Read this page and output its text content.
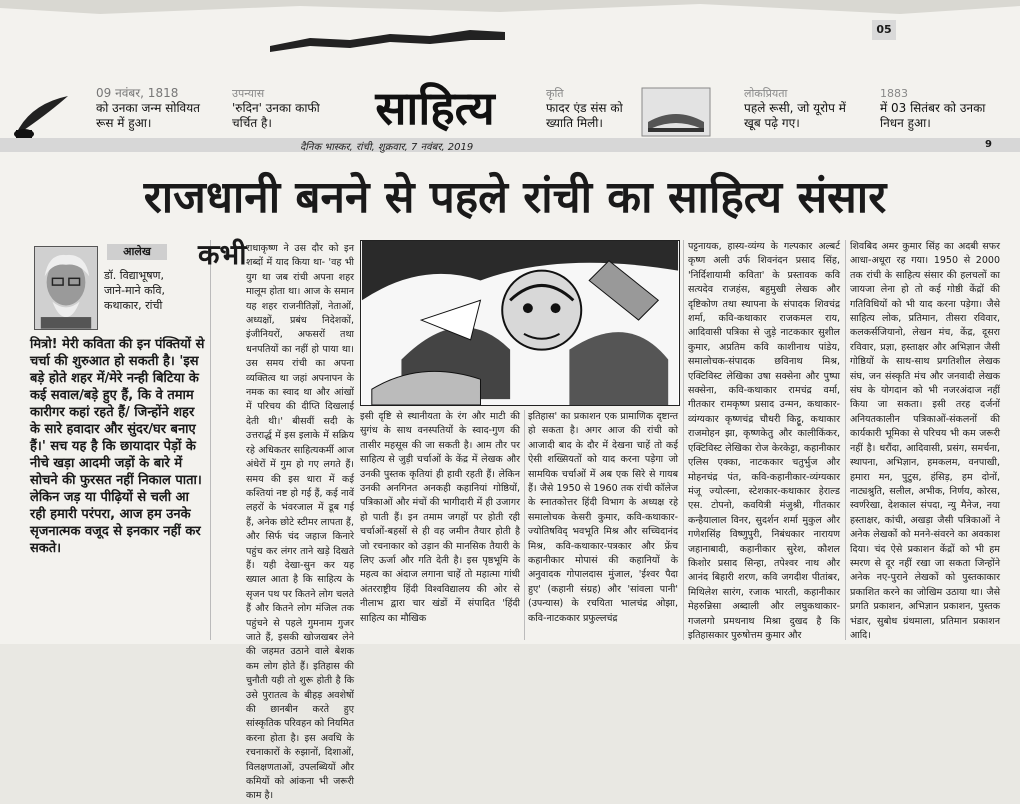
05
09 नवंबर, 1818
को उनका जन्म सोवियत रूस में हुआ।
उपन्यास
'रुदिन' उनका काफी चर्चित है।	साहित्य	कृति
फादर एंड संस को ख्याति मिली।
लोकप्रियता
पहले रूसी, जो यूरोप में खूब पढ़े गए।
1883
में 03 सितंबर को उनका निधन हुआ।
दैनिक भास्कर, रांची, शुक्रवार, 7 नवंबर, 2019	9
राजधानी बनने से पहले रांची का साहित्य संसार
आलेख
डॉ. विद्याभूषण,
जाने-माने कवि, कथाकार, रांची
मित्रो! मेरी कविता की इन पंक्तियों से चर्चा की शुरुआत हो सकती है। 'इस बड़े होते शहर में/मेरे नन्ही बिटिया के कई सवाल/बड़े हुए हैं, कि वे तमाम कारीगर कहां रहते हैं/ जिन्होंने शहर के सारे हवादार और सुंदर/घर बनाए हैं।' सच यह है कि छायादार पेड़ों के नीचे खड़ा आदमी जड़ों के बारे में सोचने की फुरसत नहीं निकाल पाता। लेकिन जड़ या पीढ़ियों से चली आ रही हमारी परंपरा, आज हम उनके सृजनात्मक वजूद से इनकार नहीं कर सकते।
कभी राधाकृष्ण ने उस दौर को इन शब्दों में याद किया था- 'वह भी युग था जब रांची अपना शहर मालूम होता था। आज के समान यह शहर राजनीतिज्ञों, नेताओं, अध्यक्षों, प्रबंध निदेशकों, इंजीनियरों, अफसरों तथा धनपतियों का नहीं हो पाया था। उस समय रांची का अपना व्यक्तित्व था जहां अपनापन के नमक का स्वाद था और आंखों में परिचय की दीप्ति दिखलाई देती थी।' बीसवीं सदी के उत्तरार्द्ध में इस इलाके में सक्रिय रहे अधिकतर साहित्यकर्मी आज अंधेरों में गुम हो गए लगते हैं। समय की इस धारा में कई कश्तियां नष्ट हो गई हैं, कई नावें लहरों के भंवरजाल में डूब गई हैं, अनेक छोटे स्टीमर लापता हैं, और सिर्फ चंद जहाज किनारे पहुंच कर लंगर ताने खड़े दिखते हैं। यही देखा-सुन कर यह ख्याल आता है कि साहित्य के सृजन पथ पर कितने लोग चलते हैं और कितने लोग मंजिल तक पहुंचने से पहले गुमनाम गुजर जाते हैं, इसकी खोजखबर लेने की जहमत उठाने वाले बेशक कम लोग होते हैं। इतिहास की चुनौती यही तो शुरू होती है कि उसे पुरातत्व के बीहड़ अवशेषों की छानबीन करते हुए सांस्कृतिक परिवहन को नियमित करना होता है। इस अवधि के रचनाकारों के रुझानों, दिशाओं, विलक्षणताओं, उपलब्धियों और कमियों को आंकना भी जरूरी काम है।
इसी दृष्टि से स्थानीयता के रंग और माटी की सुगंध के साथ वनस्पतियों के स्वाद-गुण की तासीर महसूस की जा सकती है। आम तौर पर साहित्य से जुड़ी चर्चाओं के केंद्र में लेखक और उनकी पुस्तक कृतियां ही हावी रहती हैं। लेकिन उनकी अनगिनत अनकही कहानियां गोष्ठियों, पत्रिकाओं और मंचों की भागीदारी में ही उजागर हो पाती हैं। इन तमाम जगहों पर होती रही चर्चाओं-बहसों से ही वह जमीन तैयार होती है जो रचनाकार को उड़ान की मानसिक तैयारी के लिए ऊर्जा और गति देती है। इस पृष्ठभूमि के महत्व का अंदाज लगाना चाहें तो महात्मा गांधी अंतरराष्ट्रीय हिंदी विश्वविद्यालय की ओर से नीलाभ द्वारा चार खंडों में संपादित 'हिंदी साहित्य का मौखिक
इतिहास' का प्रकाशन एक प्रामाणिक दृष्टान्त हो सकता है। अगर आज की रांची को आजादी बाद के दौर में देखना चाहें तो कई ऐसी शख्सियतों को याद करना पड़ेगा जो सामयिक चर्चाओं में अब एक सिरे से गायब हैं। जैसे 1950 से 1960 तक रांची कॉलेज के स्नातकोत्तर हिंदी विभाग के अध्यक्ष रहे समालोचक केसरी कुमार, कवि-कथाकार-ज्योतिषविद् भवभूति मिश्र और सच्चिदानंद मिश्र, कवि-कथाकार-पत्रकार और फ्रेंच कहानीकार मोपासं की कहानियों के अनुवादक गोपालदास मुंजाल, 'ईश्वर पैदा हुए' (कहानी संग्रह) और 'सांवला पानी' (उपन्यास) के रचयिता भालचंद्र ओझा, कवि-नाटककार प्रफुल्लचंद्र
पट्टनायक, हास्य-व्यंग्य के गल्पकार अल्बर्ट कृष्ण अली उर्फ शिवनंदन प्रसाद सिंह, 'निर्दिशायामी कविता' के प्रस्तावक कवि सत्यदेव राजहंस, बहुमुखी लेखक और दृष्टिकोण तथा स्थापना के संपादक शिवचंद्र शर्मा, कवि-कथाकार राजकमल राय, आदिवासी पत्रिका से जुड़े नाटककार सुशील कुमार, अप्रतिम कवि काशीनाथ पांडेय, समालोचक-संपादक छविनाथ मिश्र, एक्टिविस्ट लेखिका उषा सक्सेना और पुष्पा सक्सेना, कवि-कथाकार रामचंद्र वर्मा, गीतकार रामकृष्ण प्रसाद उन्मन, कथाकार-व्यंग्यकार कृष्णचंद्र चौधरी किट्टू, कथाकार राजमोहन झा, कृष्णकेतु और कालीकिंकर, एक्टिविस्ट लेखिका रोज केरकेट्टा, कहानीकार एलिस एक्का, नाटककार चतुर्भुज और मोहनचंद्र पंत, कवि-कहानीकार-व्यंग्यकार मंजू ज्योत्स्ना, स्टेशकार-कथाकार हेराल्ड एस. टोपनो, कवयित्री मंजुश्री, गीतकार कन्हैयालाल विनर, सुदर्शन शर्मा मुकुल और गणेशसिंह विष्णुपुरी, निबंधकार नारायण जहानाबादी, कहानीकार सुरेश, कौशल किशोर प्रसाद सिन्हा, तपेश्वर नाथ और आनंद बिहारी शरण, कवि जगदीश पीतांबर, मिथिलेश सारंग, रजाक भारती, कहानीकार मेहरुन्निसा अब्दाली और लघुकथाकार-गजलगो प्रमथनाथ मिश्रा दुखद है कि इतिहासकार पुरुषोत्तम कुमार और
शिवबिद अमर कुमार सिंह का अदबी सफर आधा-अधूरा रह गया। 1950 से 2000 तक रांची के साहित्य संसार की हलचलों का जायजा लेना हो तो कई गोष्ठी केंद्रों की गतिविधियों को भी याद करना पड़ेगा। जैसे साहित्य लोक, प्रतिमान, तीसरा रविवार, कलकर्सजियानो, लेखन मंच, केंद्र, दूसरा रविवार, प्रज्ञा, हस्ताक्षर और अभिज्ञान जैसी गोष्ठियों के साथ-साथ प्रगतिशील लेखक संघ, जन संस्कृति मंच और जनवादी लेखक संघ के योगदान को भी नजरअंदाज नहीं किया जा सकता। इसी तरह दर्जनों अनियतकालीन पत्रिकाओं-संकलनों की कार्यकारी भूमिका से परिचय भी कम जरूरी नहीं है। धरौंदा, आदिवासी, प्रसंग, समर्चना, स्थापना, अभिज्ञान, हमकलम, वनपाखी, हमारा मन, पुटुस, हंसिड़, हम दोनों, नाट्यश्रुति, सलील, अभीक, निर्णय, कोरस, स्वर्णरेखा, देशकाल संपदा, न्यु मैनेज, नया हस्ताक्षर, कांची, अखड़ा जैसी पत्रिकाओं ने अनेक लेखकों को मनने-संवरने का अवकाश दिया। चंद ऐसे प्रकाशन केंद्रों को भी हम स्मरण से दूर नहीं रखा जा सकता जिन्होंने अनेक नए-पुराने लेखकों को पुस्तकाकार प्रकाशित करने का जोखिम उठाया था। जैसे प्रगति प्रकाशन, अभिज्ञान प्रकाशन, पुस्तक भंडार, सुबोध ग्रंथमाला, प्रतिमान प्रकाशन आदि।
